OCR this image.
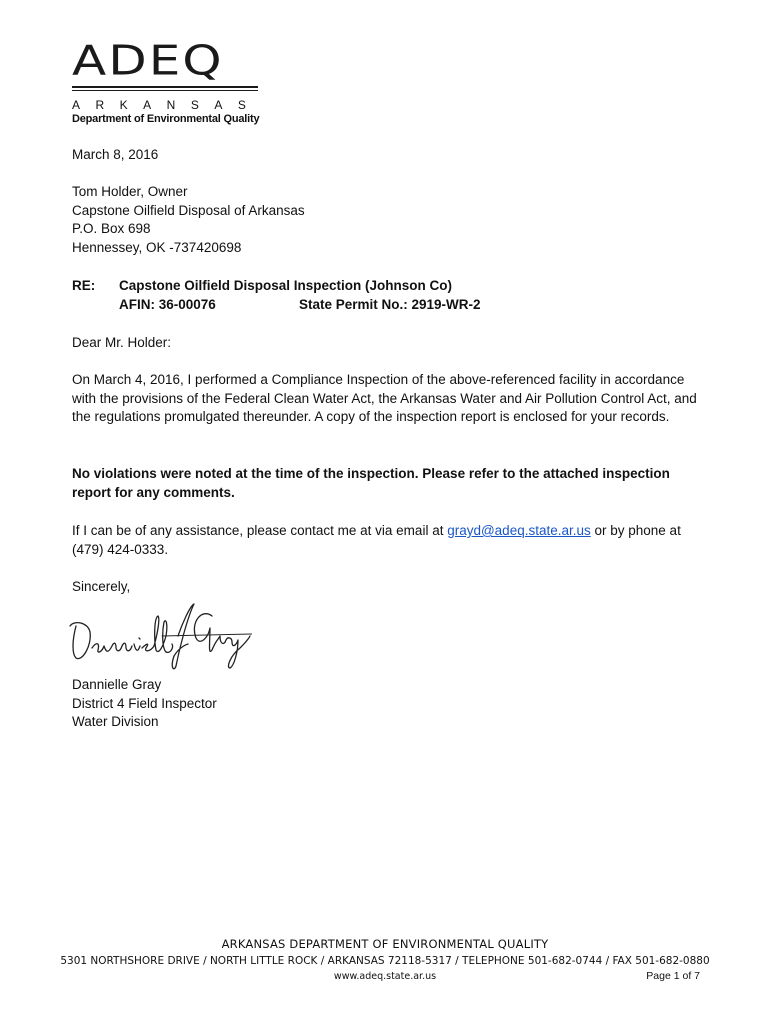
ADEQ
ARKANSAS
Department of Environmental Quality
March 8, 2016
Tom Holder, Owner
Capstone Oilfield Disposal of Arkansas
P.O. Box 698
Hennessey, OK -737420698
RE: Capstone Oilfield Disposal Inspection (Johnson Co)
AFIN: 36-00076	State Permit No.: 2919-WR-2
Dear Mr. Holder:
On March 4, 2016, I performed a Compliance Inspection of the above-referenced facility in accordance with the provisions of the Federal Clean Water Act, the Arkansas Water and Air Pollution Control Act, and the regulations promulgated thereunder. A copy of the inspection report is enclosed for your records.
No violations were noted at the time of the inspection. Please refer to the attached inspection report for any comments.
If I can be of any assistance, please contact me at via email at grayd@adeq.state.ar.us or by phone at (479) 424-0333.
Sincerely,
Dannielle Gray
District 4 Field Inspector
Water Division
ARKANSAS DEPARTMENT OF ENVIRONMENTAL QUALITY
5301 NORTHSHORE DRIVE / NORTH LITTLE ROCK / ARKANSAS 72118-5317 / TELEPHONE 501-682-0744 / FAX 501-682-0880
www.adeq.state.ar.us	Page 1 of 7
